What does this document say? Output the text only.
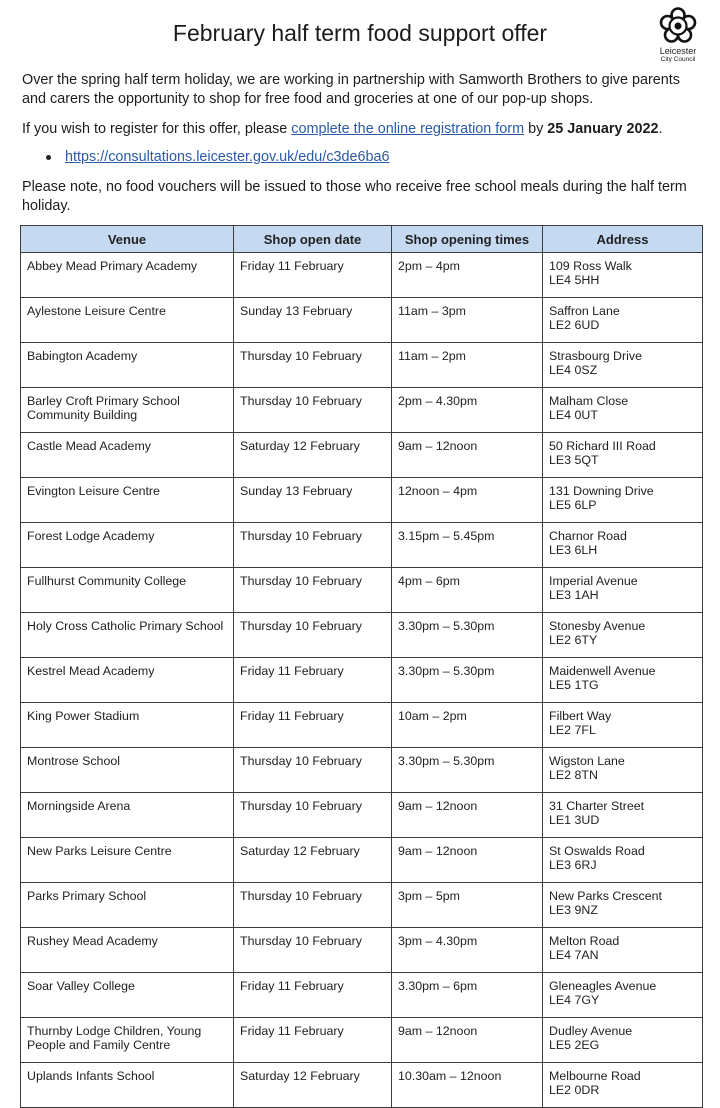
February half term food support offer
Leicester
City Council
Over the spring half term holiday, we are working in partnership with Samworth Brothers to give parents and carers the opportunity to shop for free food and groceries at one of our pop-up shops.
If you wish to register for this offer, please complete the online registration form by 25 January 2022.
https://consultations.leicester.gov.uk/edu/c3de6ba6
Please note, no food vouchers will be issued to those who receive free school meals during the half term holiday.
Venue	Shop open date	Shop opening times	Address
Abbey Mead Primary Academy	Friday 11 February	2pm – 4pm	109 Ross Walk
LE4 5HH
Aylestone Leisure Centre	Sunday 13 February	11am – 3pm	Saffron Lane
LE2 6UD
Babington Academy	Thursday 10 February	11am – 2pm	Strasbourg Drive
LE4 0SZ
Barley Croft Primary School Community Building	Thursday 10 February	2pm – 4.30pm	Malham Close
LE4 0UT
Castle Mead Academy	Saturday 12 February	9am – 12noon	50 Richard III Road
LE3 5QT
Evington Leisure Centre	Sunday 13 February	12noon – 4pm	131 Downing Drive
LE5 6LP
Forest Lodge Academy	Thursday 10 February	3.15pm – 5.45pm	Charnor Road
LE3 6LH
Fullhurst Community College	Thursday 10 February	4pm – 6pm	Imperial Avenue
LE3 1AH
Holy Cross Catholic Primary School	Thursday 10 February	3.30pm – 5.30pm	Stonesby Avenue
LE2 6TY
Kestrel Mead Academy	Friday 11 February	3.30pm – 5.30pm	Maidenwell Avenue
LE5 1TG
King Power Stadium	Friday 11 February	10am – 2pm	Filbert Way
LE2 7FL
Montrose School	Thursday 10 February	3.30pm – 5.30pm	Wigston Lane
LE2 8TN
Morningside Arena	Thursday 10 February	9am – 12noon	31 Charter Street
LE1 3UD
New Parks Leisure Centre	Saturday 12 February	9am – 12noon	St Oswalds Road
LE3 6RJ
Parks Primary School	Thursday 10 February	3pm – 5pm	New Parks Crescent
LE3 9NZ
Rushey Mead Academy	Thursday 10 February	3pm – 4.30pm	Melton Road
LE4 7AN
Soar Valley College	Friday 11 February	3.30pm – 6pm	Gleneagles Avenue
LE4 7GY
Thurnby Lodge Children, Young People and Family Centre	Friday 11 February	9am – 12noon	Dudley Avenue
LE5 2EG
Uplands Infants School	Saturday 12 February	10.30am – 12noon	Melbourne Road
LE2 0DR
